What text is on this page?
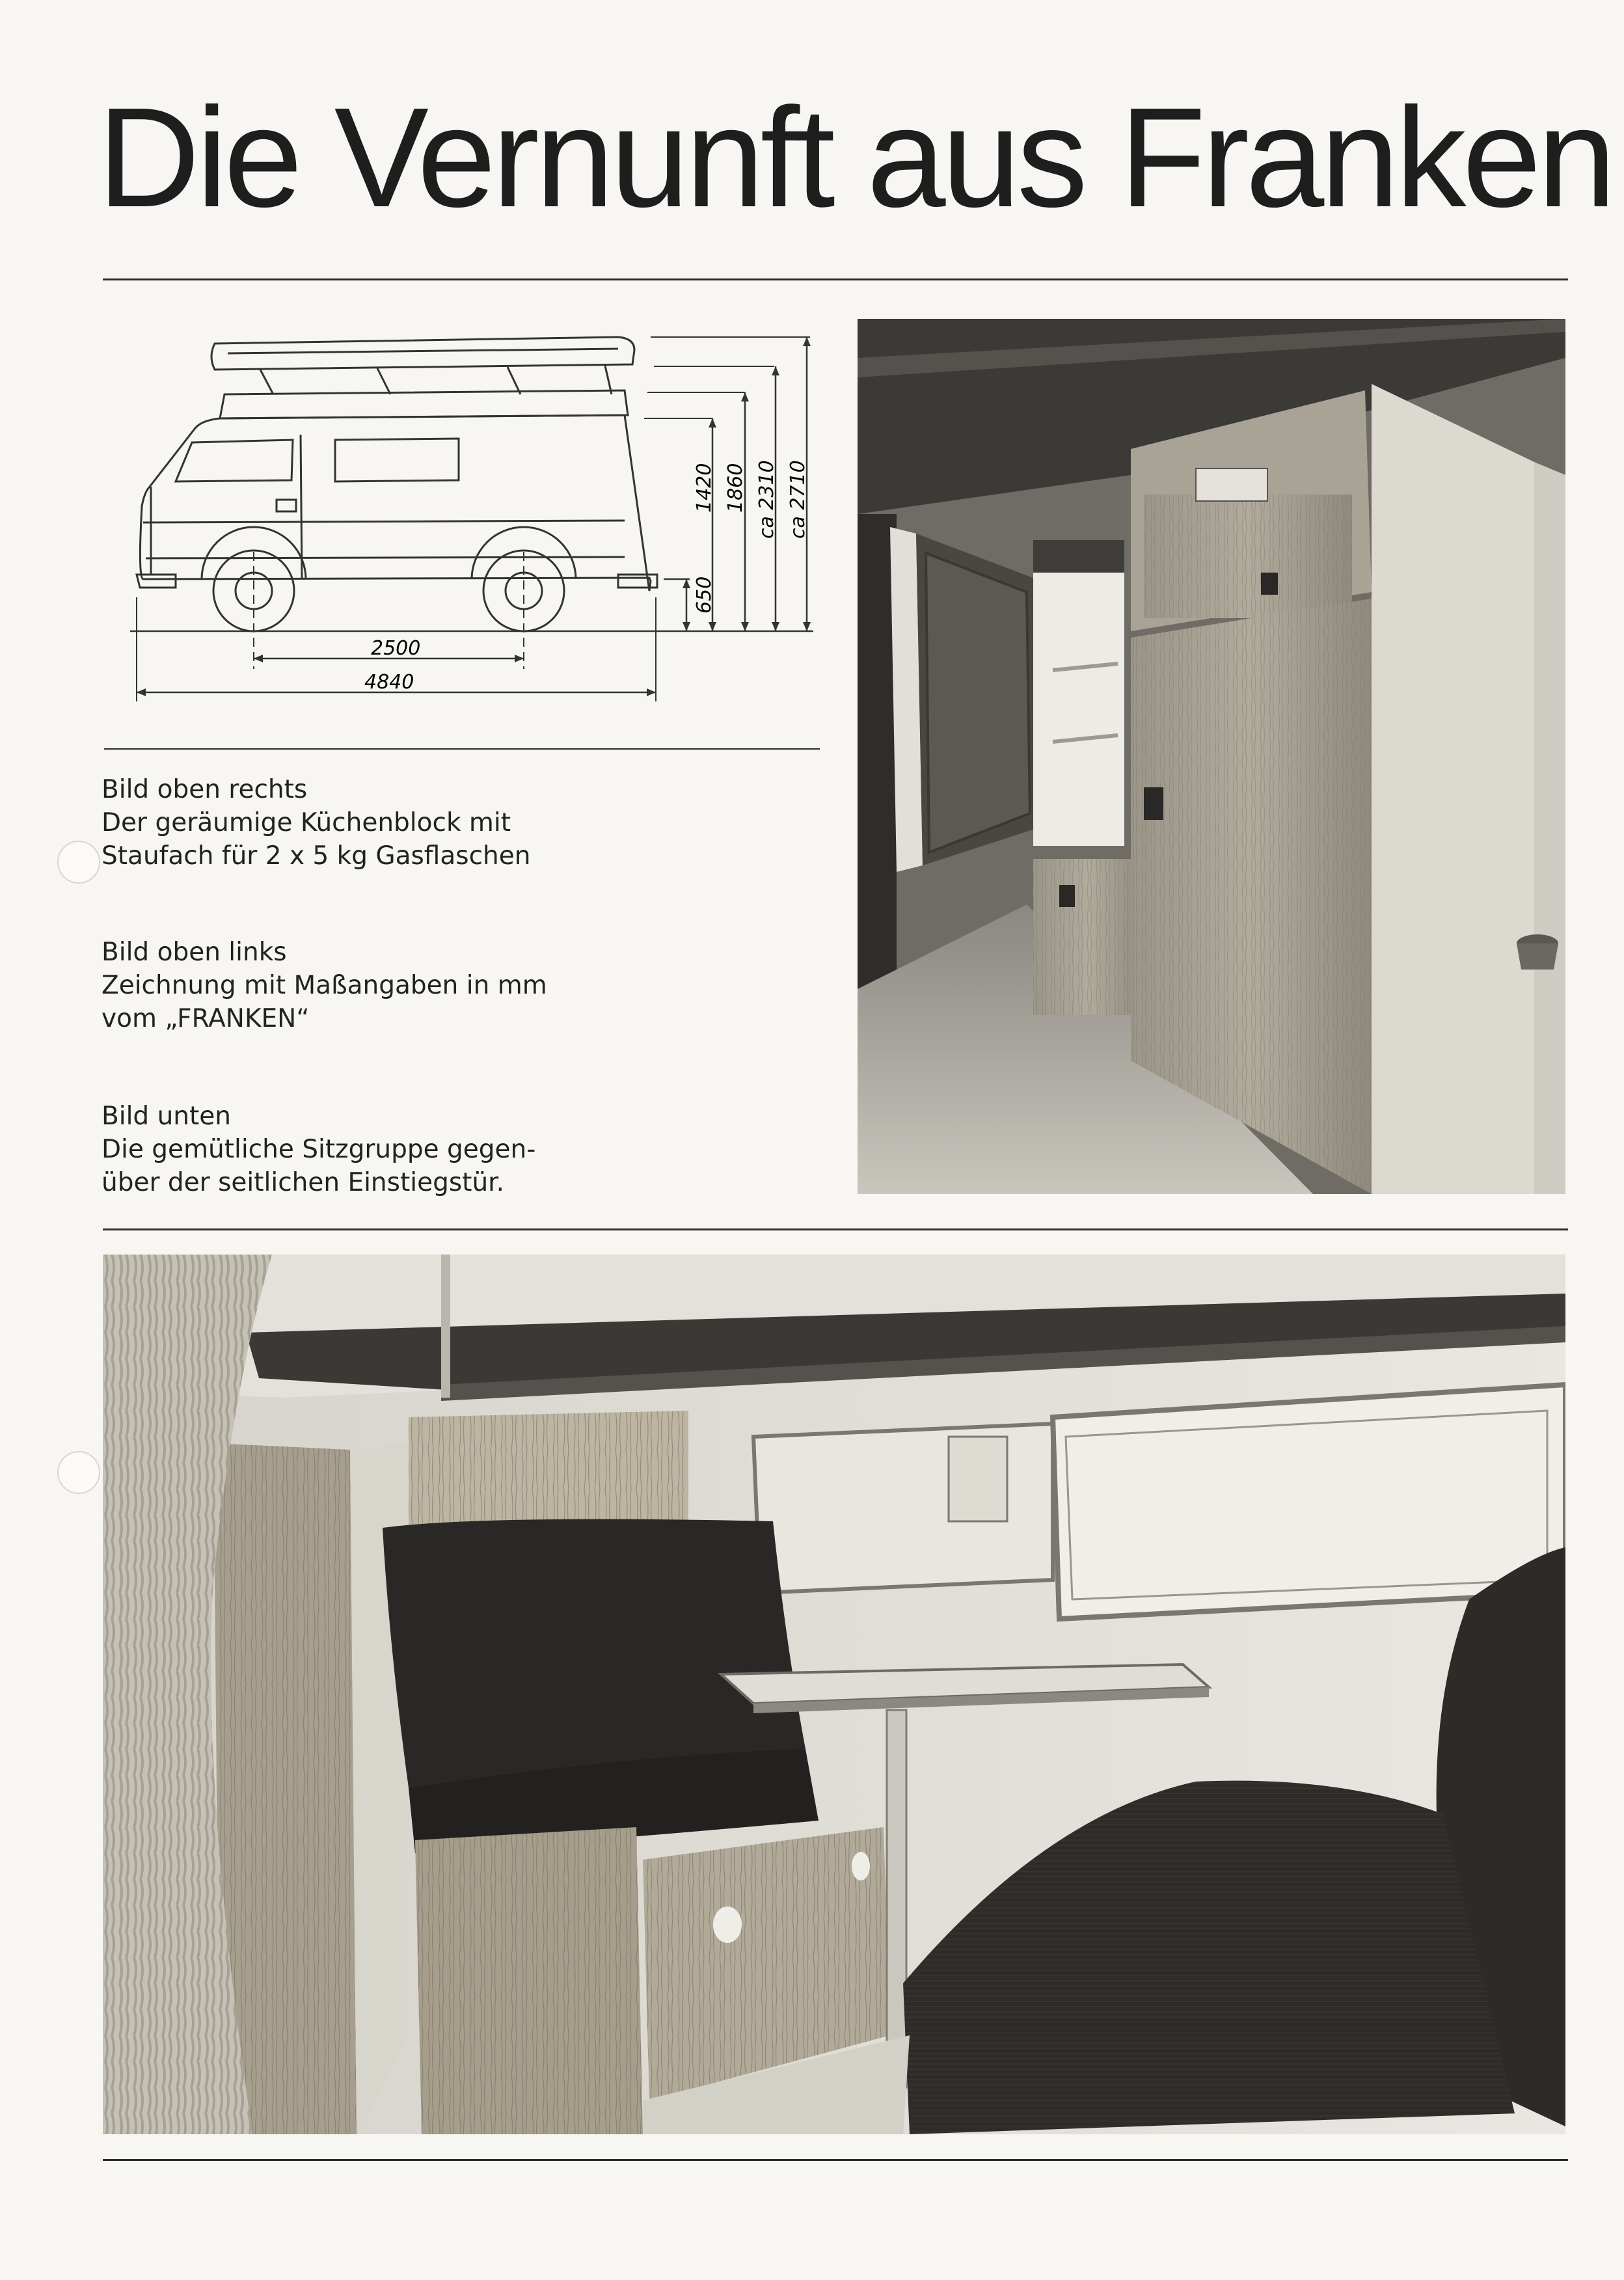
Die Vernunft aus Franken
2500
4840
650
1420 1860 ca 2310 ca 2710
Bild oben rechts
Der geräumige Küchenblock mit
Staufach für 2 x 5 kg Gasflaschen
Bild oben links
Zeichnung mit Maßangaben in mm
vom „FRANKEN“
Bild unten
Die gemütliche Sitzgruppe gegen-
über der seitlichen Einstiegstür.
